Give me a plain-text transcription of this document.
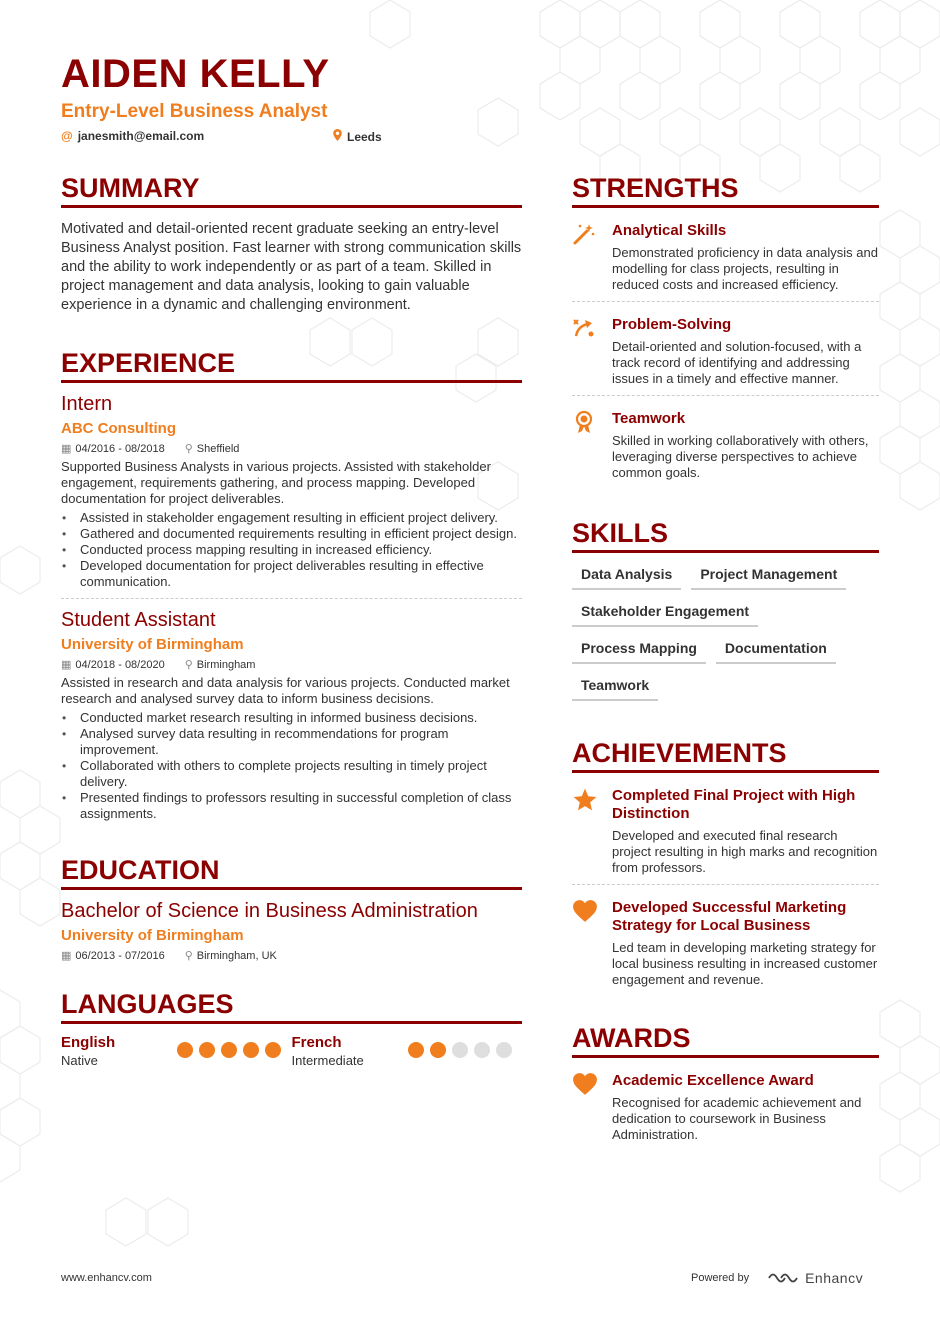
AIDEN KELLY
Entry-Level Business Analyst
@ janesmith@email.com	Leeds
SUMMARY
Motivated and detail-oriented recent graduate seeking an entry-level Business Analyst position. Fast learner with strong communication skills and the ability to work independently or as part of a team. Skilled in project management and data analysis, looking to gain valuable experience in a dynamic and challenging environment.
EXPERIENCE
Intern
ABC Consulting
▦ 04/2016 - 08/2018 ⚲ Sheffield
Supported Business Analysts in various projects. Assisted with stakeholder engagement, requirements gathering, and process mapping. Developed documentation for project deliverables.
• Assisted in stakeholder engagement resulting in efficient project delivery.
• Gathered and documented requirements resulting in efficient project design.
• Conducted process mapping resulting in increased efficiency.
• Developed documentation for project deliverables resulting in effective communication.
Student Assistant
University of Birmingham
▦ 04/2018 - 08/2020 ⚲ Birmingham
Assisted in research and data analysis for various projects. Conducted market research and analysed survey data to inform business decisions.
• Conducted market research resulting in informed business decisions.
• Analysed survey data resulting in recommendations for program improvement.
• Collaborated with others to complete projects resulting in timely project delivery.
• Presented findings to professors resulting in successful completion of class assignments.
EDUCATION
Bachelor of Science in Business Administration
University of Birmingham
▦ 06/2013 - 07/2016 ⚲ Birmingham, UK
LANGUAGES
English
Native
French
Intermediate
STRENGTHS
Analytical Skills
Demonstrated proficiency in data analysis and modelling for class projects, resulting in reduced costs and increased efficiency.
Problem-Solving
Detail-oriented and solution-focused, with a track record of identifying and addressing issues in a timely and effective manner.
Teamwork
Skilled in working collaboratively with others, leveraging diverse perspectives to achieve common goals.
SKILLS
Data Analysis	Project Management
Stakeholder Engagement
Process Mapping	Documentation
Teamwork
ACHIEVEMENTS
Completed Final Project with High Distinction
Developed and executed final research project resulting in high marks and recognition from professors.
Developed Successful Marketing Strategy for Local Business
Led team in developing marketing strategy for local business resulting in increased customer engagement and revenue.
AWARDS
Academic Excellence Award
Recognised for academic achievement and dedication to coursework in Business Administration.
www.enhancv.com	Powered by	Enhancv
